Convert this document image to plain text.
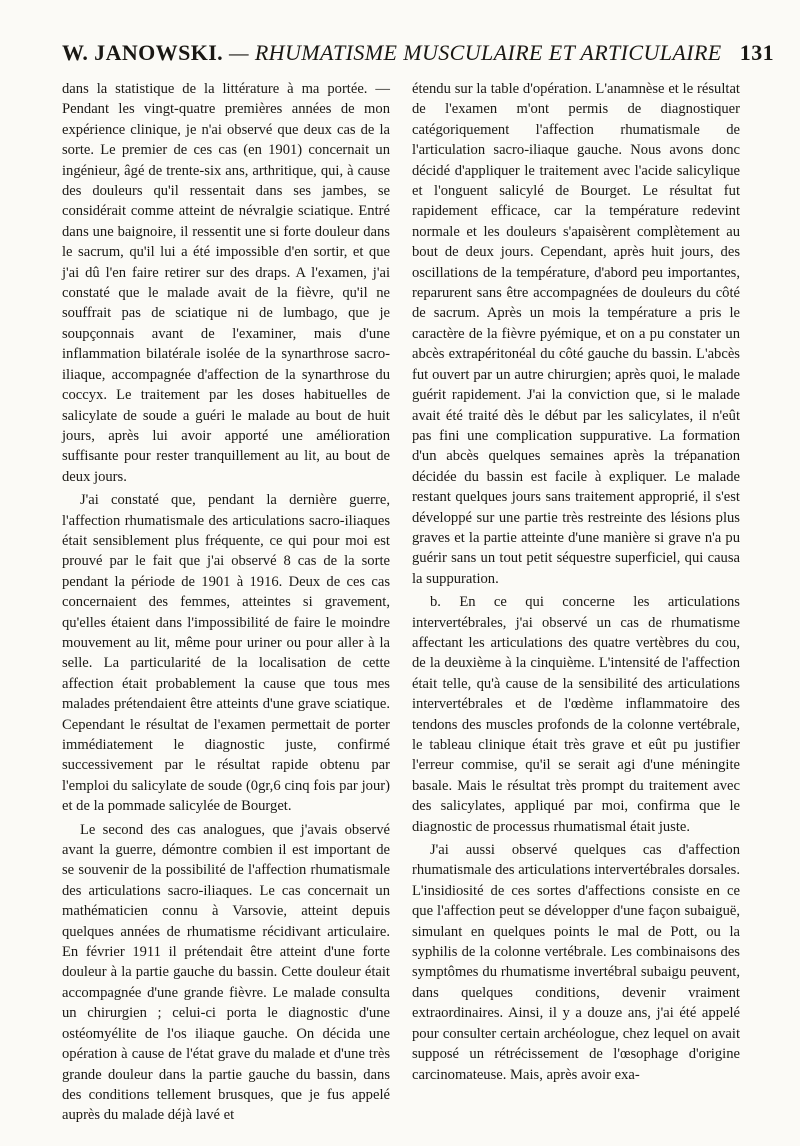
W. JANOWSKI. — RHUMATISME MUSCULAIRE ET ARTICULAIRE 131

dans la statistique de la littérature à ma portée. — Pendant les vingt-quatre premières années de mon expérience clinique, je n'ai observé que deux cas de la sorte. Le premier de ces cas (en 1901) concernait un ingénieur, âgé de trente-six ans, arthritique, qui, à cause des douleurs qu'il ressentait dans ses jambes, se considérait comme atteint de névralgie sciatique. Entré dans une baignoire, il ressentit une si forte douleur dans le sacrum, qu'il lui a été impossible d'en sortir, et que j'ai dû l'en faire retirer sur des draps. A l'examen, j'ai constaté que le malade avait de la fièvre, qu'il ne souffrait pas de sciatique ni de lumbago, que je soupçonnais avant de l'examiner, mais d'une inflammation bilatérale isolée de la synarthrose sacro-iliaque, accompagnée d'affection de la synarthrose du coccyx. Le traitement par les doses habituelles de salicylate de soude a guéri le malade au bout de huit jours, après lui avoir apporté une amélioration suffisante pour rester tranquillement au lit, au bout de deux jours.

J'ai constaté que, pendant la dernière guerre, l'affection rhumatismale des articulations sacro-iliaques était sensiblement plus fréquente, ce qui pour moi est prouvé par le fait que j'ai observé 8 cas de la sorte pendant la période de 1901 à 1916. Deux de ces cas concernaient des femmes, atteintes si gravement, qu'elles étaient dans l'impossibilité de faire le moindre mouvement au lit, même pour uriner ou pour aller à la selle. La particularité de la localisation de cette affection était probablement la cause que tous mes malades prétendaient être atteints d'une grave sciatique. Cependant le résultat de l'examen permettait de porter immédiatement le diagnostic juste, confirmé successivement par le résultat rapide obtenu par l'emploi du salicylate de soude (0gr,6 cinq fois par jour) et de la pommade salicylée de Bourget.

Le second des cas analogues, que j'avais observé avant la guerre, démontre combien il est important de se souvenir de la possibilité de l'affection rhumatismale des articulations sacro-iliaques. Le cas concernait un mathématicien connu à Varsovie, atteint depuis quelques années de rhumatisme récidivant articulaire. En février 1911 il prétendait être atteint d'une forte douleur à la partie gauche du bassin. Cette douleur était accompagnée d'une grande fièvre. Le malade consulta un chirurgien ; celui-ci porta le diagnostic d'une ostéomyélite de l'os iliaque gauche. On décida une opération à cause de l'état grave du malade et d'une très grande douleur dans la partie gauche du bassin, dans des conditions tellement brusques, que je fus appelé auprès du malade déjà lavé et

étendu sur la table d'opération. L'anamnèse et le résultat de l'examen m'ont permis de diagnostiquer catégoriquement l'affection rhumatismale de l'articulation sacro-iliaque gauche. Nous avons donc décidé d'appliquer le traitement avec l'acide salicylique et l'onguent salicylé de Bourget. Le résultat fut rapidement efficace, car la température redevint normale et les douleurs s'apaisèrent complètement au bout de deux jours. Cependant, après huit jours, des oscillations de la température, d'abord peu importantes, reparurent sans être accompagnées de douleurs du côté de sacrum. Après un mois la température a pris le caractère de la fièvre pyémique, et on a pu constater un abcès extrapéritonéal du côté gauche du bassin. L'abcès fut ouvert par un autre chirurgien; après quoi, le malade guérit rapidement. J'ai la conviction que, si le malade avait été traité dès le début par les salicylates, il n'eût pas fini une complication suppurative. La formation d'un abcès quelques semaines après la trépanation décidée du bassin est facile à expliquer. Le malade restant quelques jours sans traitement approprié, il s'est développé sur une partie très restreinte des lésions plus graves et la partie atteinte d'une manière si grave n'a pu guérir sans un tout petit séquestre superficiel, qui causa la suppuration.

b. En ce qui concerne les articulations intervertébrales, j'ai observé un cas de rhumatisme affectant les articulations des quatre vertèbres du cou, de la deuxième à la cinquième. L'intensité de l'affection était telle, qu'à cause de la sensibilité des articulations intervertébrales et de l'œdème inflammatoire des tendons des muscles profonds de la colonne vertébrale, le tableau clinique était très grave et eût pu justifier l'erreur commise, qu'il se serait agi d'une méningite basale. Mais le résultat très prompt du traitement avec des salicylates, appliqué par moi, confirma que le diagnostic de processus rhumatismal était juste.

J'ai aussi observé quelques cas d'affection rhumatismale des articulations intervertébrales dorsales. L'insidiosité de ces sortes d'affections consiste en ce que l'affection peut se développer d'une façon subaiguë, simulant en quelques points le mal de Pott, ou la syphilis de la colonne vertébrale. Les combinaisons des symptômes du rhumatisme invertébral subaigu peuvent, dans quelques conditions, devenir vraiment extraordinaires. Ainsi, il y a douze ans, j'ai été appelé pour consulter certain archéologue, chez lequel on avait supposé un rétrécissement de l'œsophage d'origine carcinomateuse. Mais, après avoir exa-
